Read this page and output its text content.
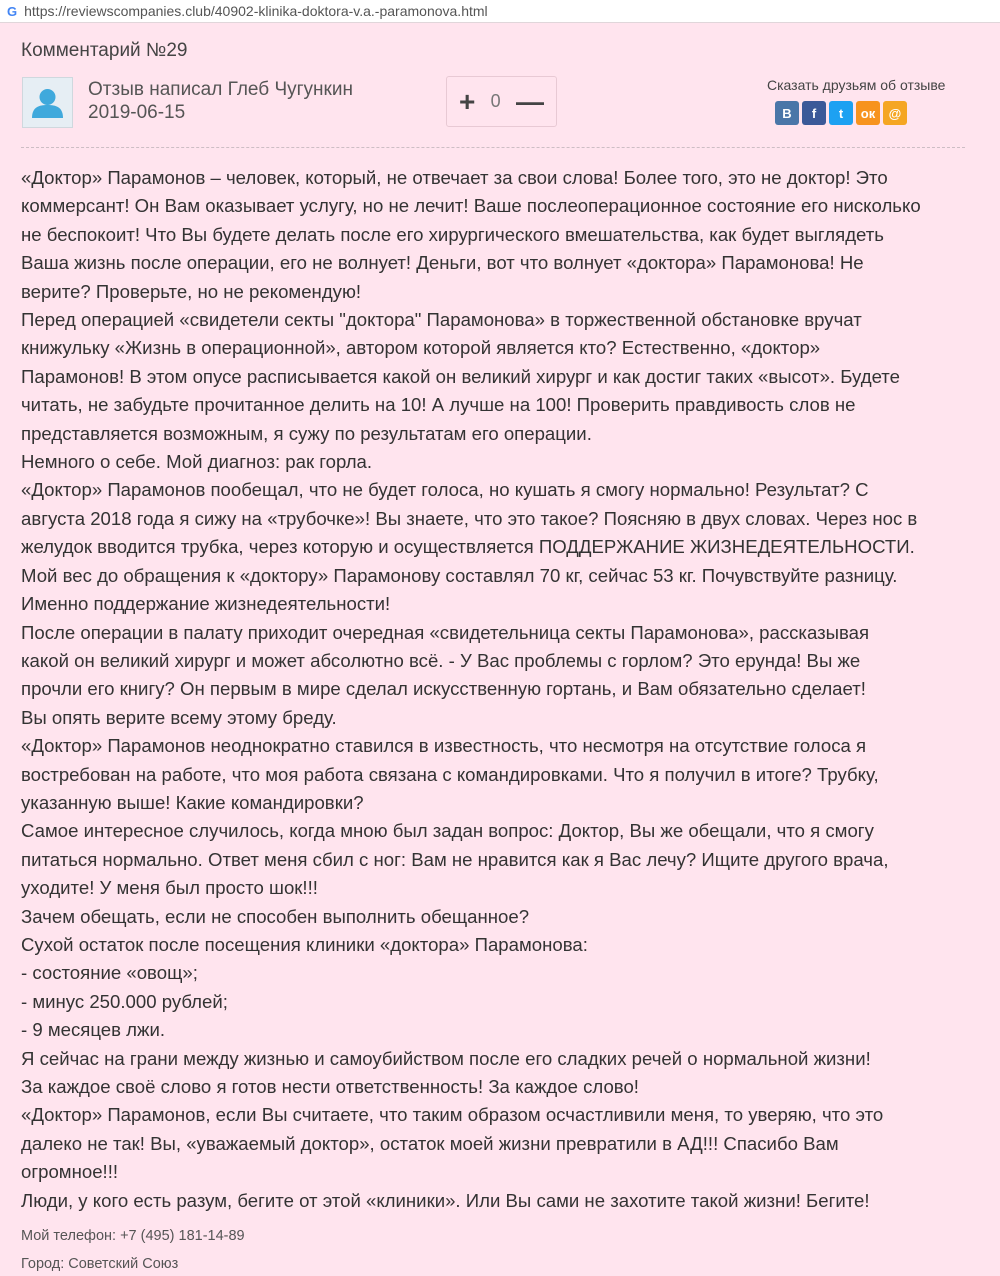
G https://reviewscompanies.club/40902-klinika-doktora-v.a.-paramonova.html
Комментарий №29
Отзыв написал Глеб Чугункин
2019-06-15	+ 0 —
Сказать друзьям об отзыве
В	f	t	ок	@

«Доктор» Парамонов – человек, который, не отвечает за свои слова! Более того, это не доктор! Это

коммерсант! Он Вам оказывает услугу, но не лечит! Ваше послеоперационное состояние его нисколько

не беспокоит! Что Вы будете делать после его хирургического вмешательства, как будет выглядеть

Ваша жизнь после операции, его не волнует! Деньги, вот что волнует «доктора» Парамонова! Не

верите? Проверьте, но не рекомендую!

Перед операцией «свидетели секты "доктора" Парамонова» в торжественной обстановке вручат

книжульку «Жизнь в операционной», автором которой является кто? Естественно, «доктор»

Парамонов! В этом опусе расписывается какой он великий хирург и как достиг таких «высот». Будете

читать, не забудьте прочитанное делить на 10! А лучше на 100! Проверить правдивость слов не

представляется возможным, я сужу по результатам его операции.

Немного о себе. Мой диагноз: рак горла.

«Доктор» Парамонов пообещал, что не будет голоса, но кушать я смогу нормально! Результат? С

августа 2018 года я сижу на «трубочке»! Вы знаете, что это такое? Поясняю в двух словах. Через нос в

желудок вводится трубка, через которую и осуществляется ПОДДЕРЖАНИЕ ЖИЗНЕДЕЯТЕЛЬНОСТИ.

Мой вес до обращения к «доктору» Парамонову составлял 70 кг, сейчас 53 кг. Почувствуйте разницу.

Именно поддержание жизнедеятельности!

После операции в палату приходит очередная «свидетельница секты Парамонова», рассказывая

какой он великий хирург и может абсолютно всё. - У Вас проблемы с горлом? Это ерунда! Вы же

прочли его книгу? Он первым в мире сделал искусственную гортань, и Вам обязательно сделает!

Вы опять верите всему этому бреду.

«Доктор» Парамонов неоднократно ставился в известность, что несмотря на отсутствие голоса я

востребован на работе, что моя работа связана с командировками. Что я получил в итоге? Трубку,

указанную выше! Какие командировки?

Самое интересное случилось, когда мною был задан вопрос: Доктор, Вы же обещали, что я смогу

питаться нормально. Ответ меня сбил с ног: Вам не нравится как я Вас лечу? Ищите другого врача,

уходите! У меня был просто шок!!!

Зачем обещать, если не способен выполнить обещанное?

Сухой остаток после посещения клиники «доктора» Парамонова:

- состояние «овощ»;

- минус 250.000 рублей;

- 9 месяцев лжи.

Я сейчас на грани между жизнью и самоубийством после его сладких речей о нормальной жизни!

За каждое своё слово я готов нести ответственность! За каждое слово!

«Доктор» Парамонов, если Вы считаете, что таким образом осчастливили меня, то уверяю, что это

далеко не так! Вы, «уважаемый доктор», остаток моей жизни превратили в АД!!! Спасибо Вам

огромное!!!

Люди, у кого есть разум, бегите от этой «клиники». Или Вы сами не захотите такой жизни! Бегите!

Мой телефон: +7 (495) 181-14-89
Город: Советский Союз
